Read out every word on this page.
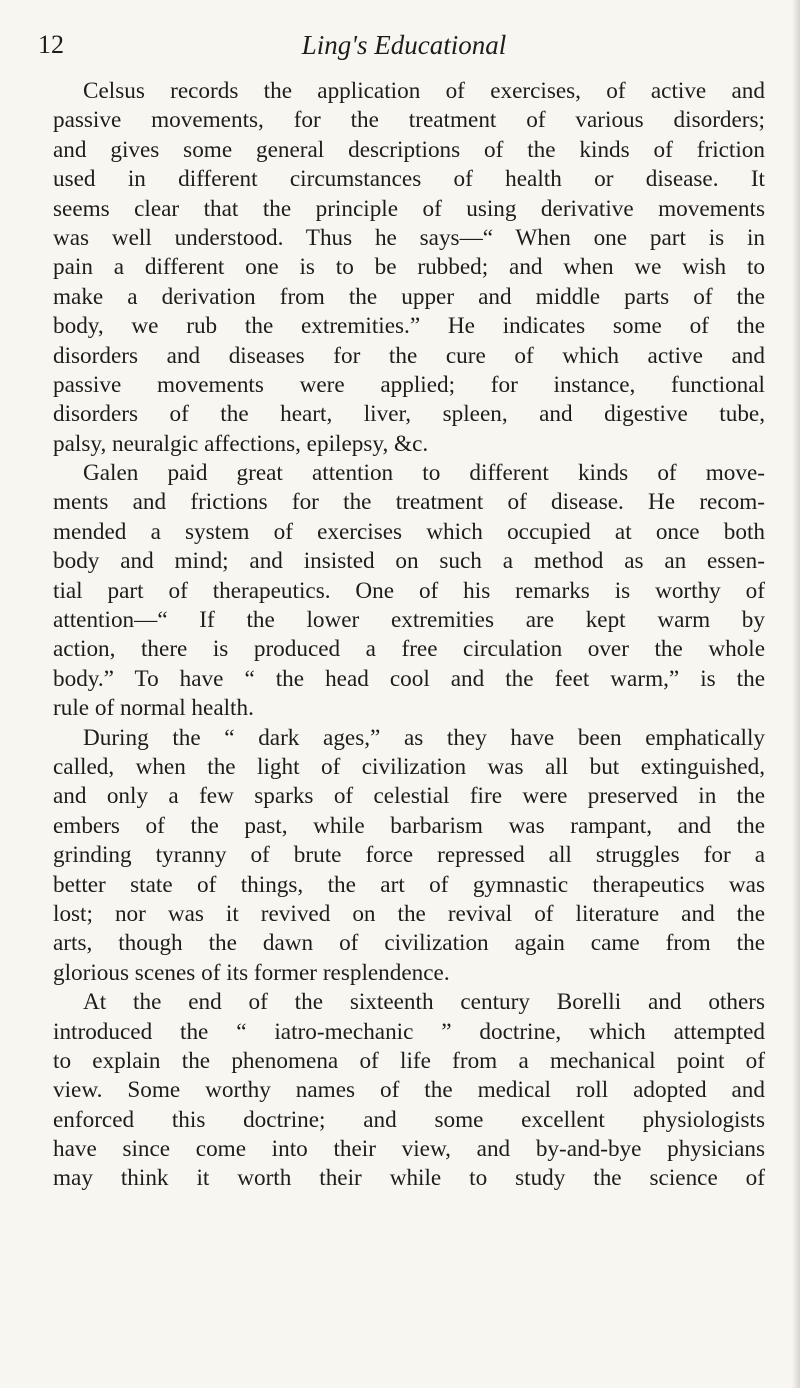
12	Ling's Educational

Celsus records the application of exercises, of active and
passive movements, for the treatment of various disorders;
and gives some general descriptions of the kinds of friction
used in different circumstances of health or disease. It
seems clear that the principle of using derivative movements
was well understood. Thus he says—“ When one part is in
pain a different one is to be rubbed; and when we wish to
make a derivation from the upper and middle parts of the
body, we rub the extremities.” He indicates some of the
disorders and diseases for the cure of which active and
passive movements were applied; for instance, functional
disorders of the heart, liver, spleen, and digestive tube,
palsy, neuralgic affections, epilepsy, &c.

Galen paid great attention to different kinds of move-
ments and frictions for the treatment of disease. He recom-
mended a system of exercises which occupied at once both
body and mind; and insisted on such a method as an essen-
tial part of therapeutics. One of his remarks is worthy of
attention—“ If the lower extremities are kept warm by
action, there is produced a free circulation over the whole
body.” To have “ the head cool and the feet warm,” is the
rule of normal health.

During the “ dark ages,” as they have been emphatically
called, when the light of civilization was all but extinguished,
and only a few sparks of celestial fire were preserved in the
embers of the past, while barbarism was rampant, and the
grinding tyranny of brute force repressed all struggles for a
better state of things, the art of gymnastic therapeutics was
lost; nor was it revived on the revival of literature and the
arts, though the dawn of civilization again came from the
glorious scenes of its former resplendence.

At the end of the sixteenth century Borelli and others
introduced the “ iatro-mechanic ” doctrine, which attempted
to explain the phenomena of life from a mechanical point of
view. Some worthy names of the medical roll adopted and
enforced this doctrine; and some excellent physiologists
have since come into their view, and by-and-bye physicians
may think it worth their while to study the science of
